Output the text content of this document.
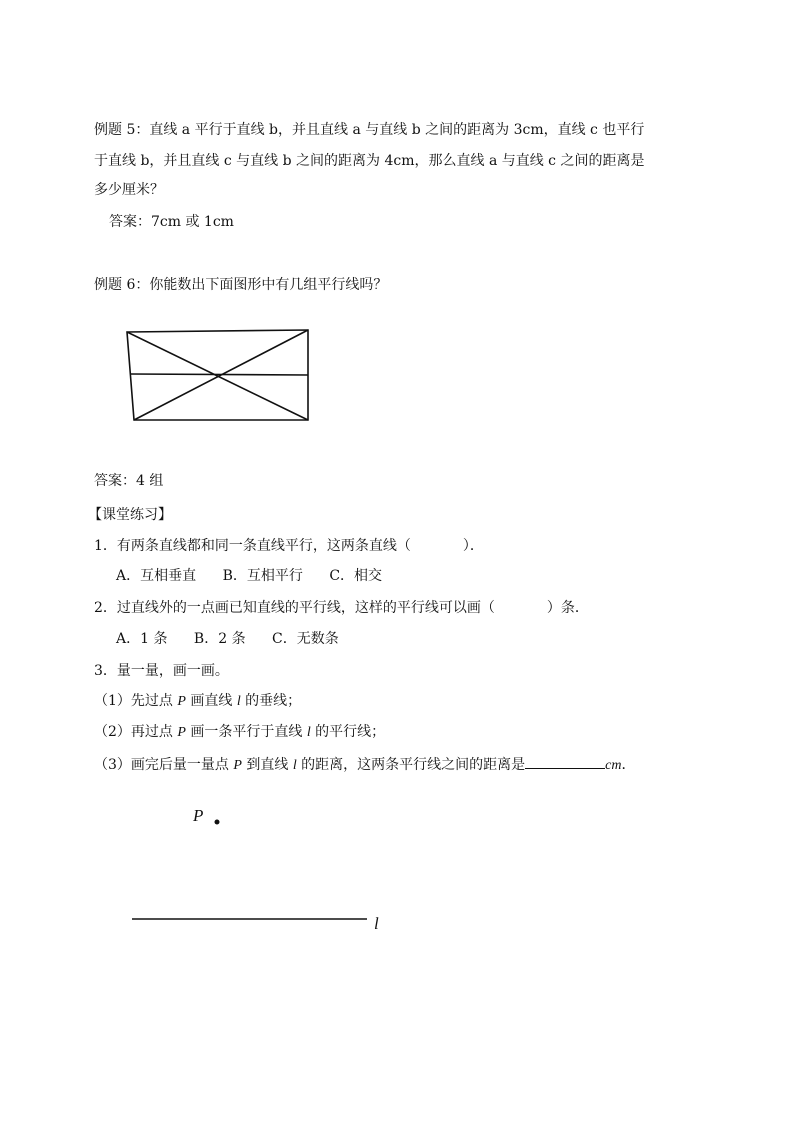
例题 5：直线 a 平行于直线 b，并且直线 a 与直线 b 之间的距离为 3cm，直线 c 也平行
于直线 b，并且直线 c 与直线 b 之间的距离为 4cm，那么直线 a 与直线 c 之间的距离是
多少厘米？
答案：7cm 或 1cm
例题 6：你能数出下面图形中有几组平行线吗？
答案：4 组
【课堂练习】
1．有两条直线都和同一条直线平行，这两条直线（	）．
A．互相垂直 B．互相平行 C．相交
2．过直线外的一点画已知直线的平行线，这样的平行线可以画（	）条．
A．1 条 B．2 条 C．无数条
3．量一量，画一画。
（1）先过点 P 画直线 l 的垂线；
（2）再过点 P 画一条平行于直线 l 的平行线；
（3）画完后量一量点 P 到直线 l 的距离，这两条平行线之间的距离是	cm．
P
l
